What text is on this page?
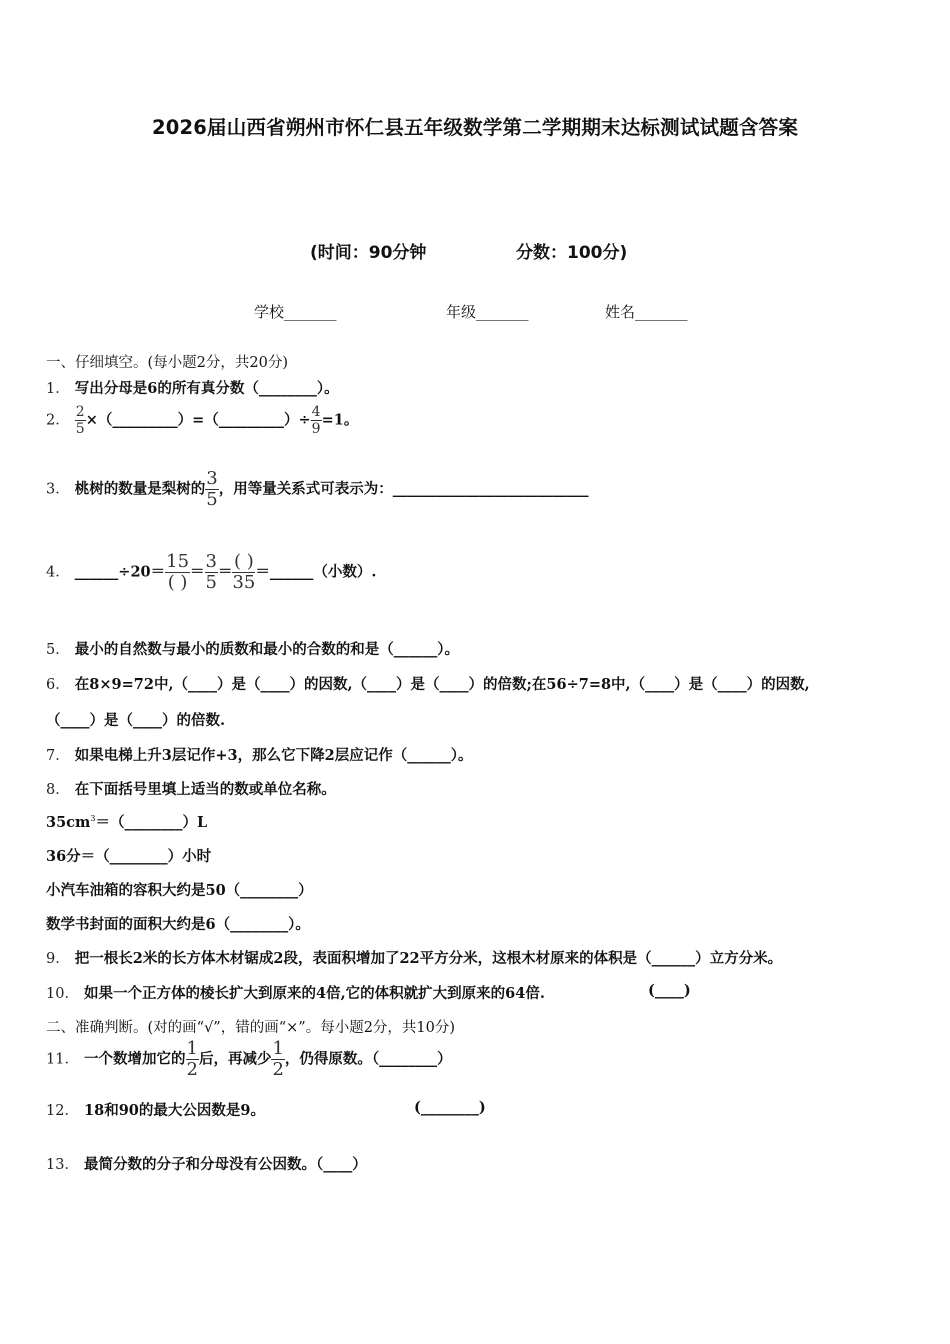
2026届山西省朔州市怀仁县五年级数学第二学期期末达标测试试题含答案
(时间：90分钟	分数：100分)
学校_______	年级_______	姓名_______
一、仔细填空。(每小题2分，共20分)
1． 写出分母是6的所有真分数（________）。
2． $\frac{2}{5}$ ×（_________）=（_________）÷ $\frac{4}{9} =1$。
3． 桃树的数量是梨树的 $\frac{3}{5}$ ，用等量关系式可表示为：___________________________
4． ______÷20＝ $\frac{15}{( )} = \frac{3}{5} = \frac{( )}{35}$ ＝______（小数）.
5． 最小的自然数与最小的质数和最小的合数的和是（______）。
6． 在8×9=72中,（____）是（____）的因数,（____）是（____）的倍数;在56÷7=8中,（____）是（____）的因数,
（____）是（____）的倍数.
7． 如果电梯上升3层记作+3，那么它下降2层应记作（______）。
8． 在下面括号里填上适当的数或单位名称。
$35cm^3=(\_\_\_\_\_\_\_\_)L$
36分＝（________）小时
小汽车油箱的容积大约是50（________）
数学书封面的面积大约是6（________）。
9． 把一根长2米的长方体木材锯成2段，表面积增加了22平方分米，这根木材原来的体积是（______）立方分米。
10． 如果一个正方体的棱长扩大到原来的4倍,它的体积就扩大到原来的64倍.	(____)
二、准确判断。(对的画“√”，错的画“×”。每小题2分，共10分)
11． 一个数增加它的 $\frac{1}{2}$ 后，再减少 $\frac{1}{2}$ ，仍得原数。（________）
12． 18和90的最大公因数是9。	(________)
13． 最简分数的分子和分母没有公因数。（____）
